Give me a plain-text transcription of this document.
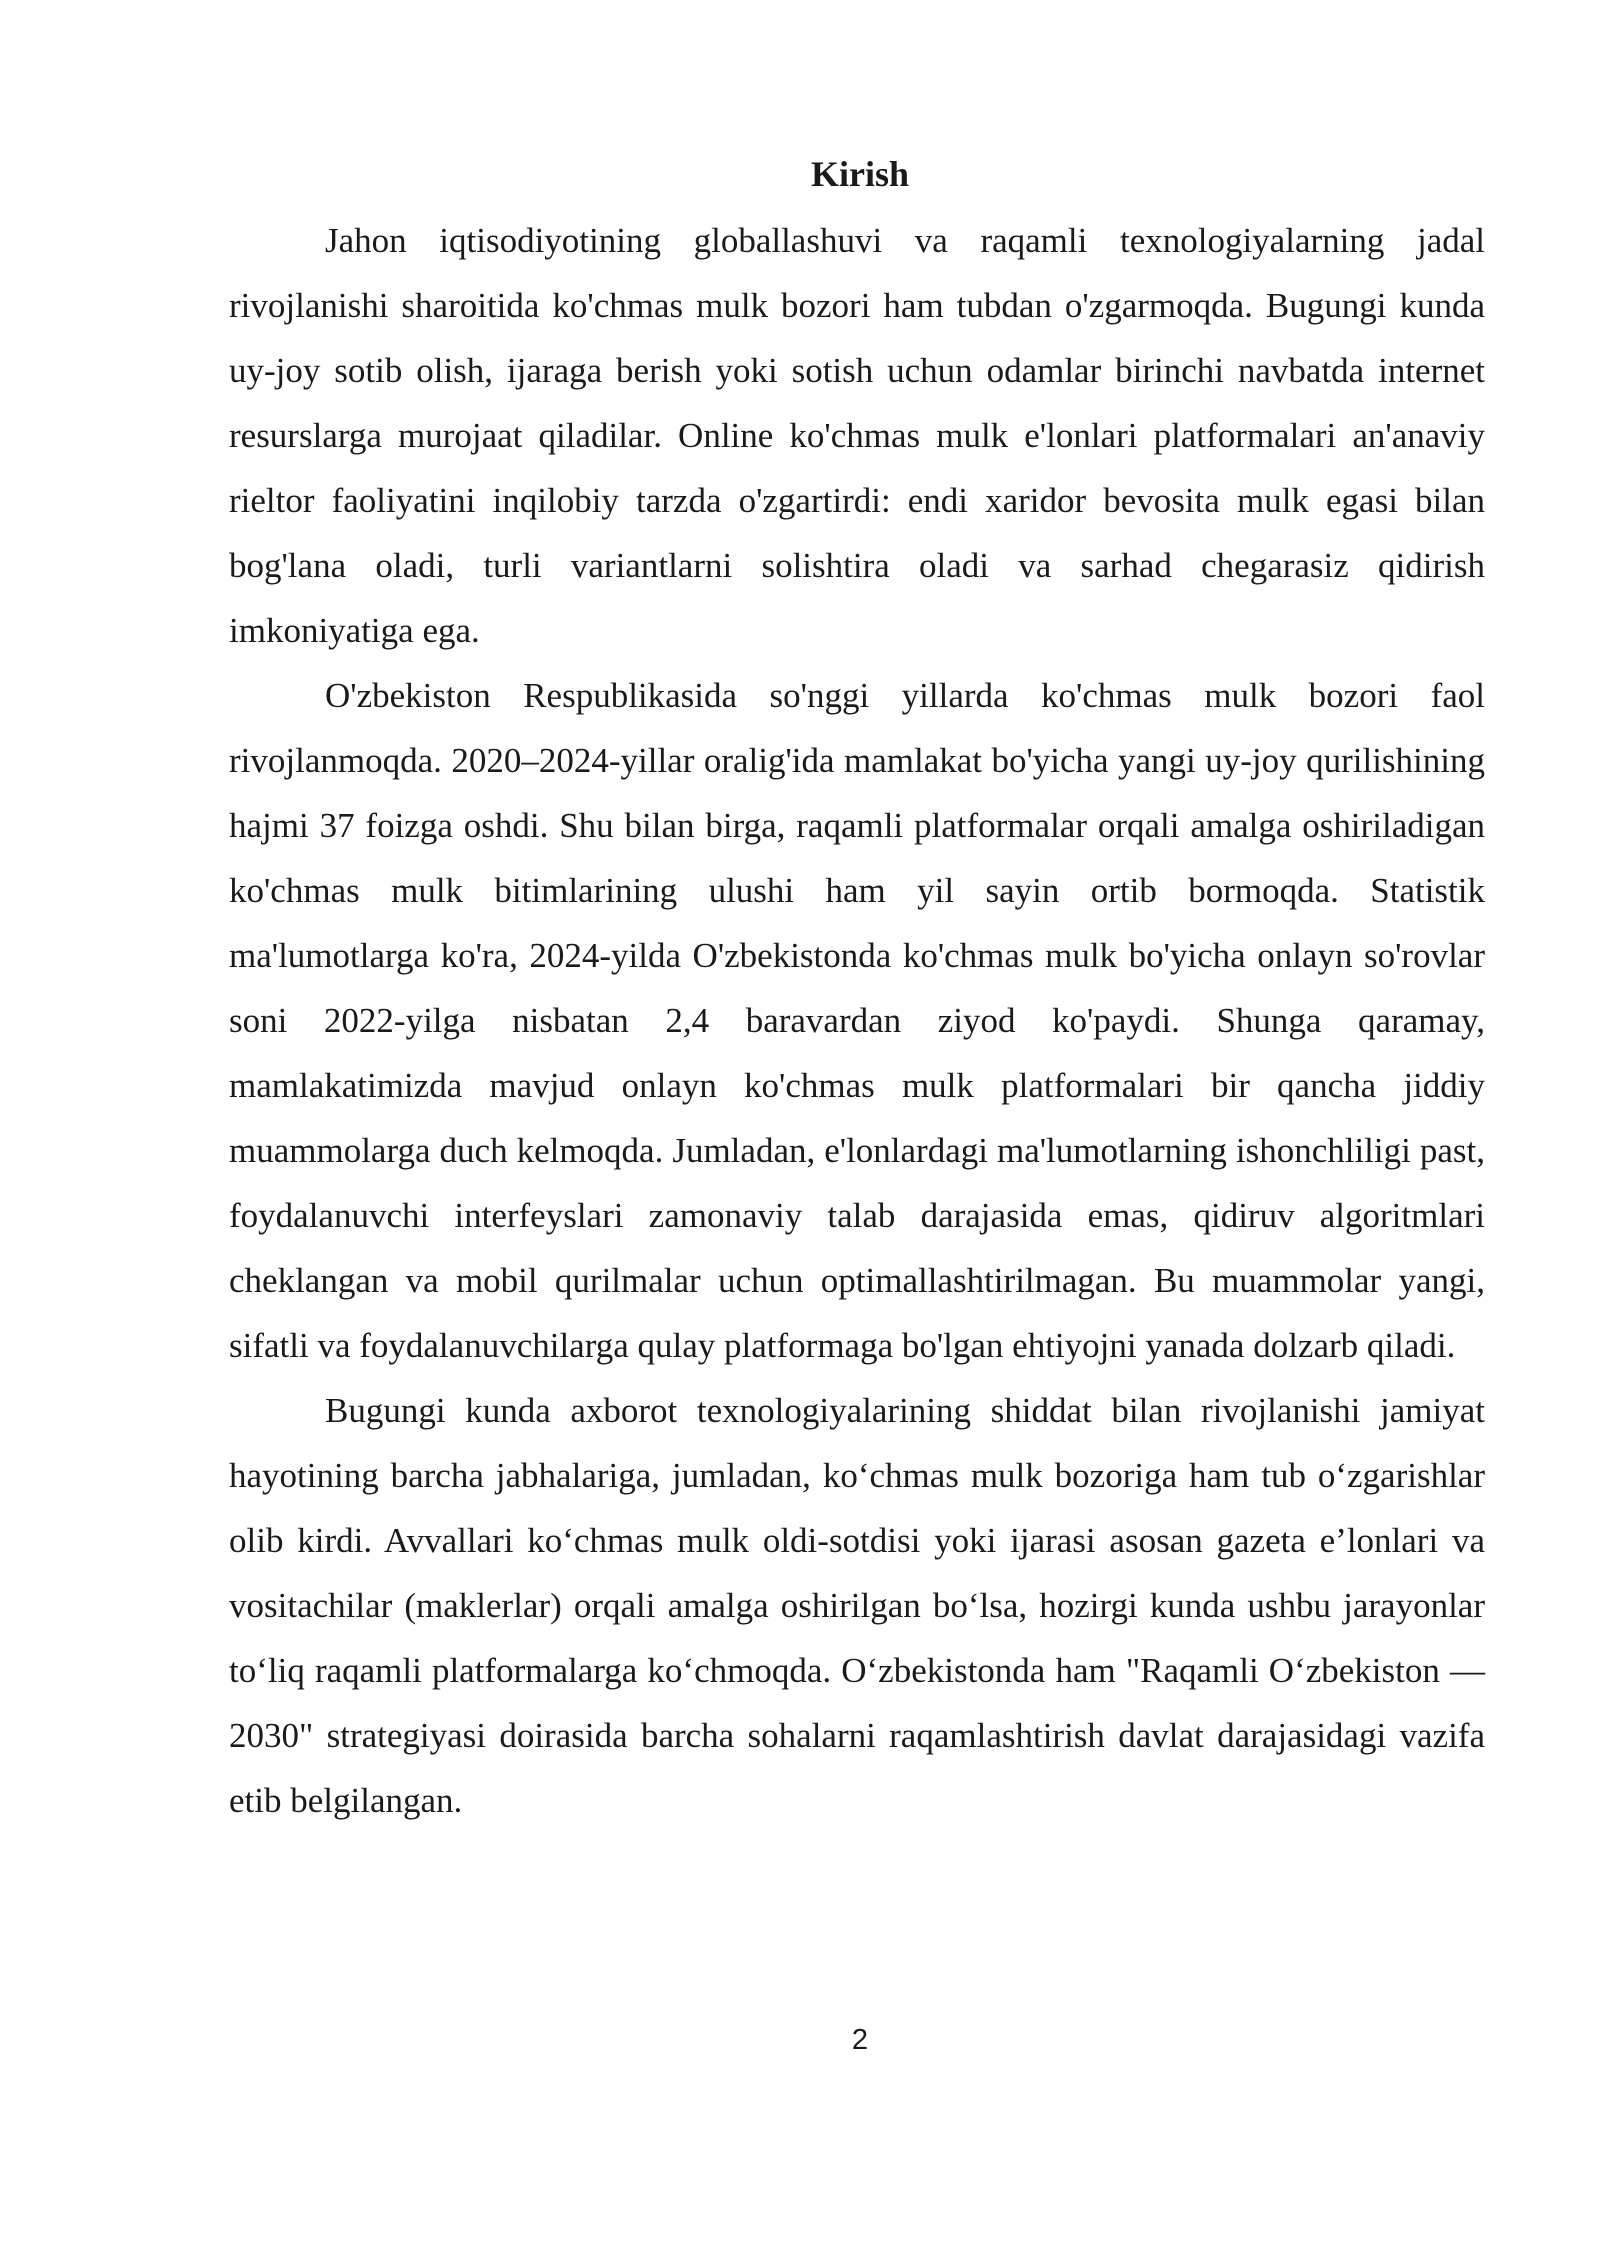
Kirish

Jahon iqtisodiyotining globallashuvi va raqamli texnologiyalarning jadal rivojlanishi sharoitida ko'chmas mulk bozori ham tubdan o'zgarmoqda. Bugungi kunda uy-joy sotib olish, ijaraga berish yoki sotish uchun odamlar birinchi navbatda internet resurslarga murojaat qiladilar. Online ko'chmas mulk e'lonlari platformalari an'anaviy rieltor faoliyatini inqilobiy tarzda o'zgartirdi: endi xaridor bevosita mulk egasi bilan bog'lana oladi, turli variantlarni solishtira oladi va sarhad chegarasiz qidirish imkoniyatiga ega.

O'zbekiston Respublikasida so'nggi yillarda ko'chmas mulk bozori faol rivojlanmoqda. 2020–2024-yillar oralig'ida mamlakat bo'yicha yangi uy-joy qurilishining hajmi 37 foizga oshdi. Shu bilan birga, raqamli platformalar orqali amalga oshiriladigan ko'chmas mulk bitimlarining ulushi ham yil sayin ortib bormoqda. Statistik ma'lumotlarga ko'ra, 2024-yilda O'zbekistonda ko'chmas mulk bo'yicha onlayn so'rovlar soni 2022-yilga nisbatan 2,4 baravardan ziyod ko'paydi. Shunga qaramay, mamlakatimizda mavjud onlayn ko'chmas mulk platformalari bir qancha jiddiy muammolarga duch kelmoqda. Jumladan, e'lonlardagi ma'lumotlarning ishonchliligi past, foydalanuvchi interfeyslari zamonaviy talab darajasida emas, qidiruv algoritmlari cheklangan va mobil qurilmalar uchun optimallashtirilmagan. Bu muammolar yangi, sifatli va foydalanuvchilarga qulay platformaga bo'lgan ehtiyojni yanada dolzarb qiladi.

Bugungi kunda axborot texnologiyalarining shiddat bilan rivojlanishi jamiyat hayotining barcha jabhalariga, jumladan, ko‘chmas mulk bozoriga ham tub o‘zgarishlar olib kirdi. Avvallari ko‘chmas mulk oldi-sotdisi yoki ijarasi asosan gazeta e’lonlari va vositachilar (maklerlar) orqali amalga oshirilgan bo‘lsa, hozirgi kunda ushbu jarayonlar to‘liq raqamli platformalarga ko‘chmoqda. O‘zbekistonda ham "Raqamli O‘zbekiston — 2030" strategiyasi doirasida barcha sohalarni raqamlashtirish davlat darajasidagi vazifa etib belgilangan.

2
